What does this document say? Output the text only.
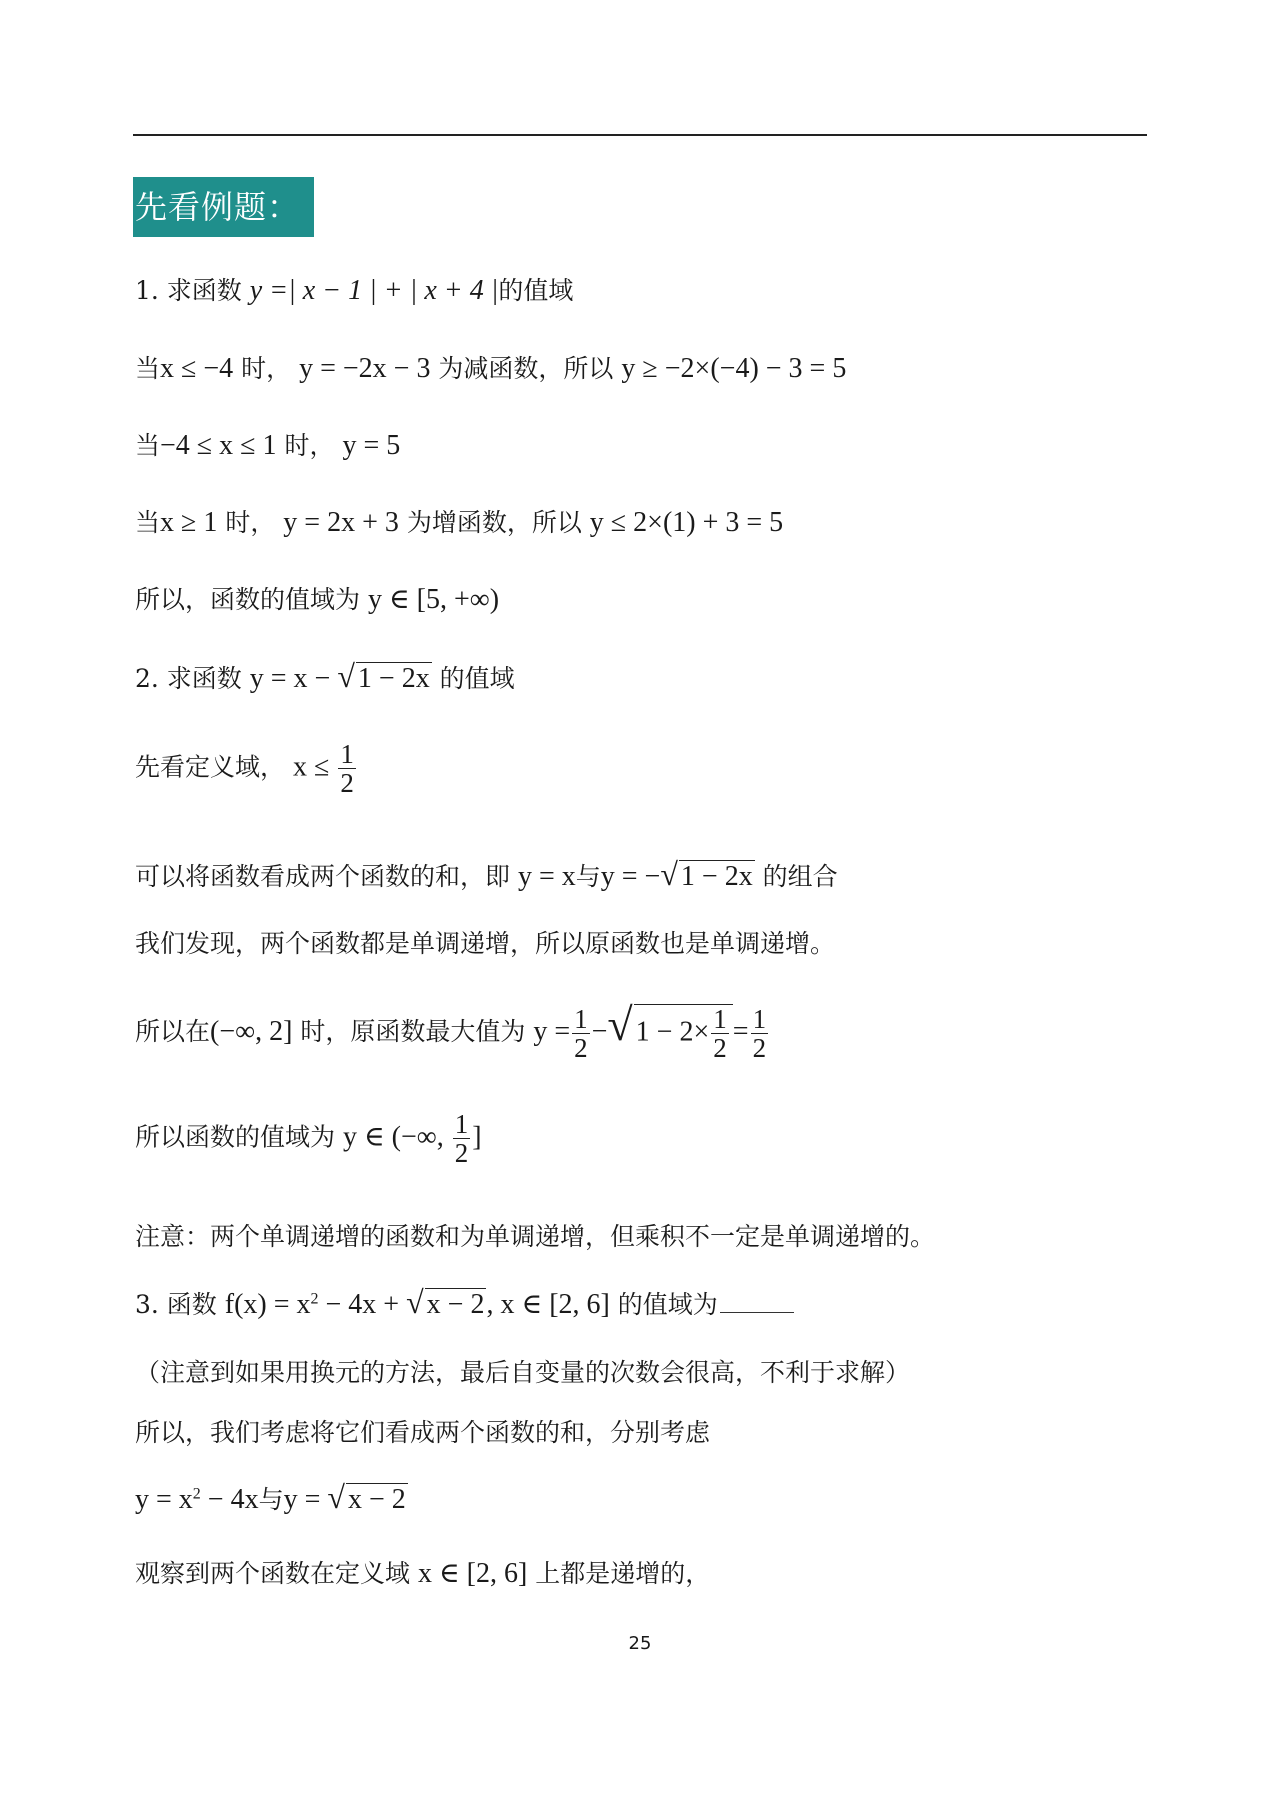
先看例题：
1. 求函数 y =| x − 1 | + | x + 4 |的值域
当x ≤ −4 时， y = −2x − 3 为减函数，所以 y ≥ −2×(−4) − 3 = 5
当−4 ≤ x ≤ 1 时， y = 5
当x ≥ 1 时， y = 2x + 3 为增函数，所以 y ≤ 2×(1) + 3 = 5
所以，函数的值域为 y ∈ [5, +∞)
2. 求函数 y = x − √ 1 − 2x 的值域
先看定义域， $x \le \frac{1}{2}$
可以将函数看成两个函数的和，即 y = x与y = −√ 1 − 2x 的组合
我们发现，两个函数都是单调递增，所以原函数也是单调递增。
所以在(−∞, 2] 时，原函数最大值为 $y = \frac{1}{2}$ −√ $1 - 2\times \frac{1}{2} = \frac{1}{2}$
所以函数的值域为 y ∈ (−∞, $\frac{1}{2}$ ]
注意：两个单调递增的函数和为单调递增，但乘积不一定是单调递增的。
3. 函数 $f(x) = x^2 - 4x$ + √ x − 2, x ∈ [2, 6] 的值域为
（注意到如果用换元的方法，最后自变量的次数会很高，不利于求解）
所以，我们考虑将它们看成两个函数的和，分别考虑
$y = x^2 - 4x$与y = √ x − 2
观察到两个函数在定义域 x ∈ [2, 6] 上都是递增的，
25
